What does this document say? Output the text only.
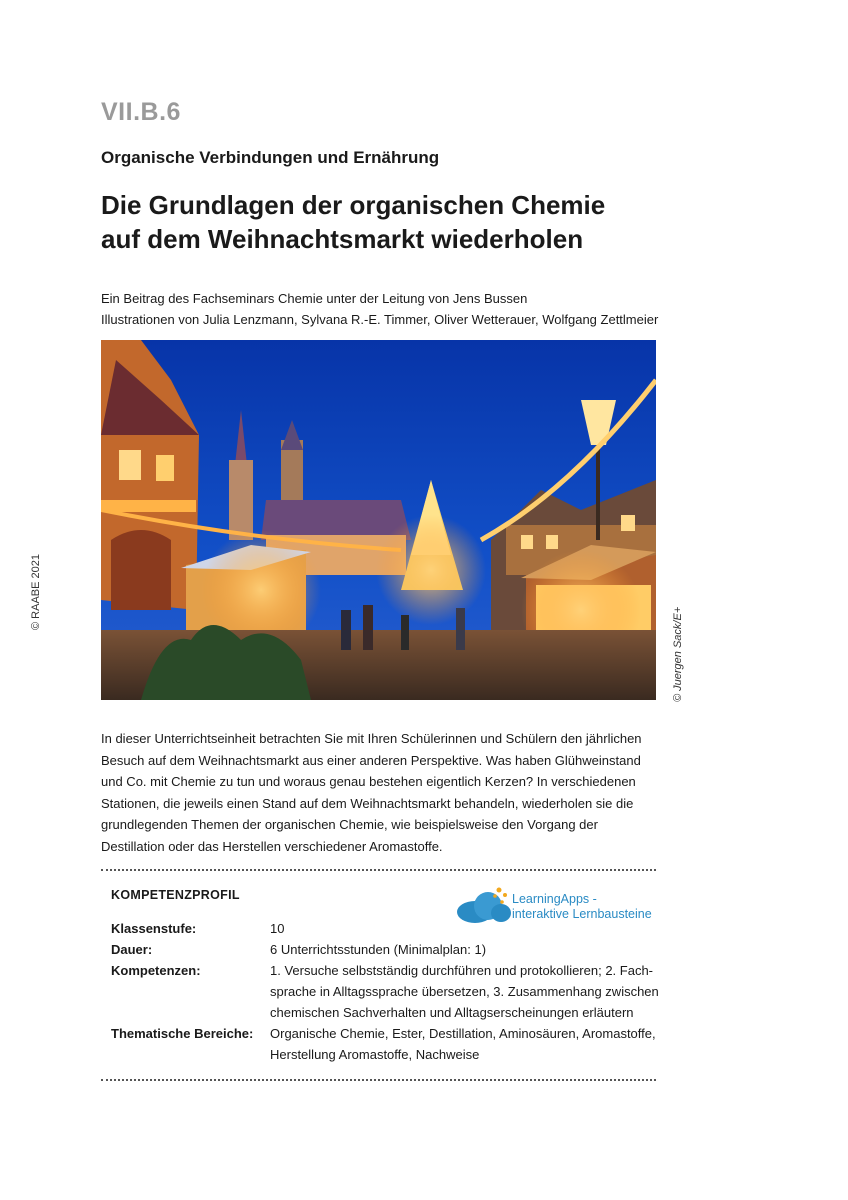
VII.B.6
Organische Verbindungen und Ernährung
Die Grundlagen der organischen Chemie
auf dem Weihnachtsmarkt wiederholen
Ein Beitrag des Fachseminars Chemie unter der Leitung von Jens Bussen
Illustrationen von Julia Lenzmann, Sylvana R.-E. Timmer, Oliver Wetterauer, Wolfgang Zettlmeier
© RAABE 2021
© Juergen Sack/E+
In dieser Unterrichtseinheit betrachten Sie mit Ihren Schülerinnen und Schülern den jährlichen Besuch auf dem Weihnachtsmarkt aus einer anderen Perspektive. Was haben Glühweinstand und Co. mit Chemie zu tun und woraus genau bestehen eigentlich Kerzen? In verschiedenen Stationen, die jeweils einen Stand auf dem Weihnachtsmarkt behandeln, wiederholen sie die grundlegenden Themen der organischen Chemie, wie beispielsweise den Vorgang der Destillation oder das Herstellen verschiedener Aromastoffe.
KOMPETENZPROFIL	LearningApps -
interaktive Lernbausteine
Klassenstufe:	10
Dauer:	6 Unterrichtsstunden (Minimalplan: 1)
Kompetenzen:	1. Versuche selbstständig durchführen und protokollieren; 2. Fach-sprache in Alltagssprache übersetzen, 3. Zusammenhang zwischen chemischen Sachverhalten und Alltagserscheinungen erläutern
Thematische Bereiche: Organische Chemie, Ester, Destillation, Aminosäuren, Aromastoffe, Herstellung Aromastoffe, Nachweise
